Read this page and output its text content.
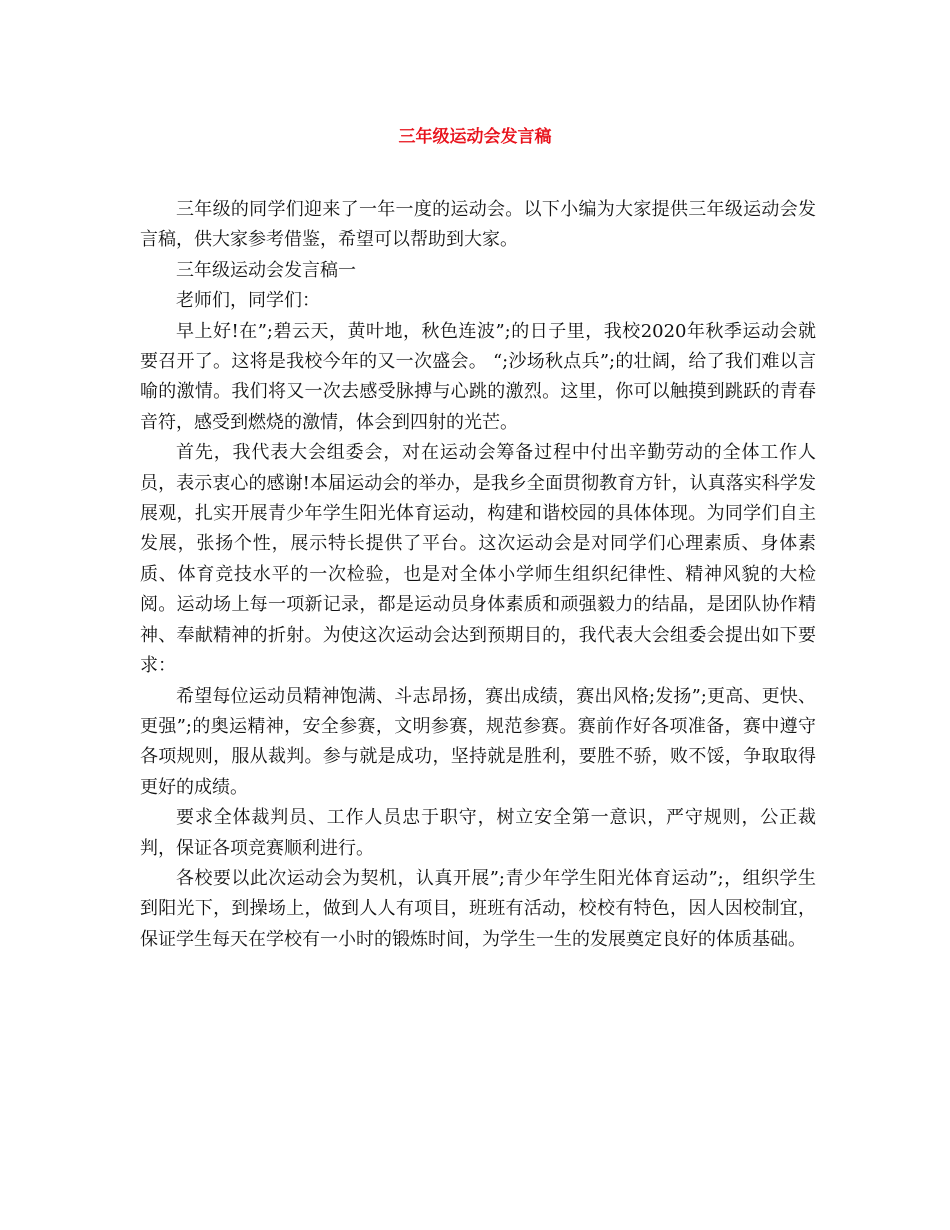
三年级运动会发言稿

三年级的同学们迎来了一年一度的运动会。以下小编为大家提供三年级运动会发言稿，供大家参考借鉴，希望可以帮助到大家。

三年级运动会发言稿一

老师们，同学们：

早上好!在”;碧云天，黄叶地，秋色连波”;的日子里，我校2020年秋季运动会就要召开了。这将是我校今年的又一次盛会。 “;沙场秋点兵”;的壮阔，给了我们难以言喻的激情。我们将又一次去感受脉搏与心跳的激烈。这里，你可以触摸到跳跃的青春音符，感受到燃烧的激情，体会到四射的光芒。

首先，我代表大会组委会，对在运动会筹备过程中付出辛勤劳动的全体工作人员，表示衷心的感谢!本届运动会的举办，是我乡全面贯彻教育方针，认真落实科学发展观，扎实开展青少年学生阳光体育运动，构建和谐校园的具体体现。为同学们自主发展，张扬个性，展示特长提供了平台。这次运动会是对同学们心理素质、身体素质、体育竞技水平的一次检验，也是对全体小学师生组织纪律性、精神风貌的大检阅。运动场上每一项新记录，都是运动员身体素质和顽强毅力的结晶，是团队协作精神、奉献精神的折射。为使这次运动会达到预期目的，我代表大会组委会提出如下要求：

希望每位运动员精神饱满、斗志昂扬，赛出成绩，赛出风格;发扬”;更高、更快、更强”;的奥运精神，安全参赛，文明参赛，规范参赛。赛前作好各项准备，赛中遵守各项规则，服从裁判。参与就是成功，坚持就是胜利，要胜不骄，败不馁，争取取得更好的成绩。

要求全体裁判员、工作人员忠于职守，树立安全第一意识，严守规则，公正裁判，保证各项竞赛顺利进行。

各校要以此次运动会为契机，认真开展”;青少年学生阳光体育运动”;，组织学生到阳光下，到操场上，做到人人有项目，班班有活动，校校有特色，因人因校制宜，保证学生每天在学校有一小时的锻炼时间，为学生一生的发展奠定良好的体质基础。
